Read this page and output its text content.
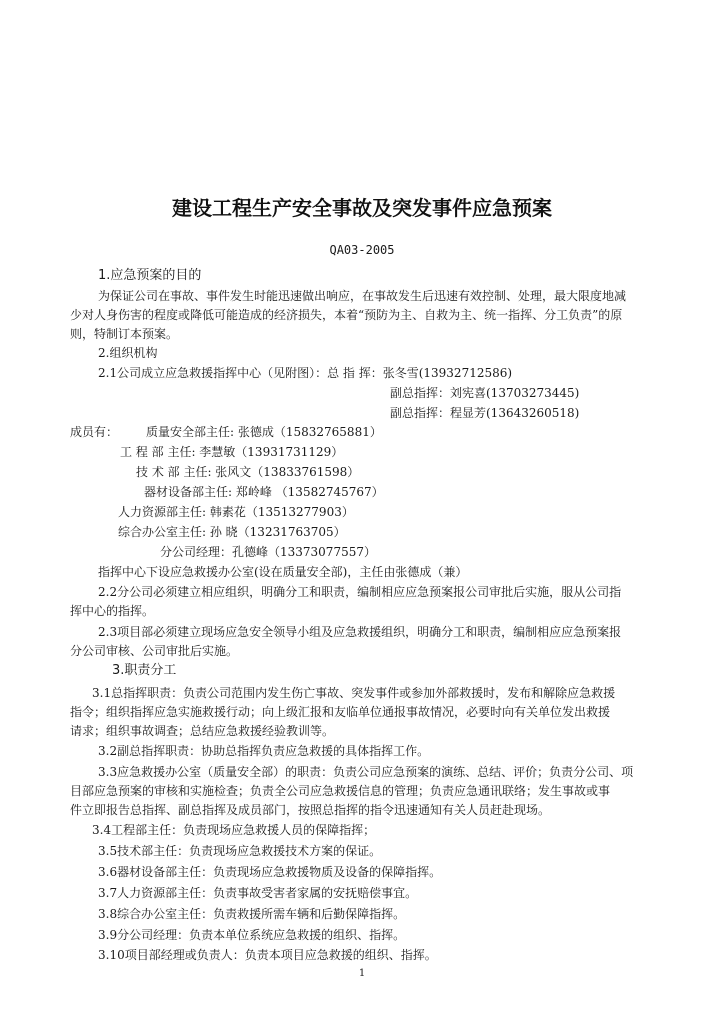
建设工程生产安全事故及突发事件应急预案
QA03-2005
1.应急预案的目的
为保证公司在事故、事件发生时能迅速做出响应，在事故发生后迅速有效控制、处理，最大限度地减
少对人身伤害的程度或降低可能造成的经济损失，本着“预防为主、自救为主、统一指挥、分工负责”的原
则，特制订本预案。
2.组织机构
2.1公司成立应急救援指挥中心（见附图）：总 指 挥：张冬雪(13932712586)
副总指挥：刘宪喜(13703273445)
副总指挥：程显芳(13643260518)
成员有： 质量安全部主任: 张德成（15832765881）
工 程 部 主任: 李慧敏（13931731129）
技 术 部 主任: 张风文（13833761598）
器材设备部主任: 郑岭峰 （13582745767）
人力资源部主任: 韩素花（13513277903）
综合办公室主任: 孙 晓（13231763705）
分公司经理：孔德峰（13373077557）
指挥中心下设应急救援办公室(设在质量安全部)，主任由张德成（兼）
2.2分公司必须建立相应组织，明确分工和职责，编制相应应急预案报公司审批后实施，服从公司指
挥中心的指挥。
2.3项目部必须建立现场应急安全领导小组及应急救援组织，明确分工和职责，编制相应应急预案报
分公司审核、公司审批后实施。
3.职责分工
3.1总指挥职责：负责公司范围内发生伤亡事故、突发事件或参加外部救援时，发布和解除应急救援
指令；组织指挥应急实施救援行动；向上级汇报和友临单位通报事故情况，必要时向有关单位发出救援
请求；组织事故调查；总结应急救援经验教训等。
3.2副总指挥职责：协助总指挥负责应急救援的具体指挥工作。
3.3应急救援办公室（质量安全部）的职责：负责公司应急预案的演练、总结、评价；负责分公司、项
目部应急预案的审核和实施检查；负责全公司应急救援信息的管理；负责应急通讯联络；发生事故或事
件立即报告总指挥、副总指挥及成员部门，按照总指挥的指令迅速通知有关人员赶赴现场。
3.4工程部主任：负责现场应急救援人员的保障指挥；
3.5技术部主任：负责现场应急救援技术方案的保证。
3.6器材设备部主任：负责现场应急救援物质及设备的保障指挥。
3.7人力资源部主任：负责事故受害者家属的安抚赔偿事宜。
3.8综合办公室主任：负责救援所需车辆和后勤保障指挥。
3.9分公司经理：负责本单位系统应急救援的组织、指挥。
3.10项目部经理或负责人：负责本项目应急救援的组织、指挥。
1
